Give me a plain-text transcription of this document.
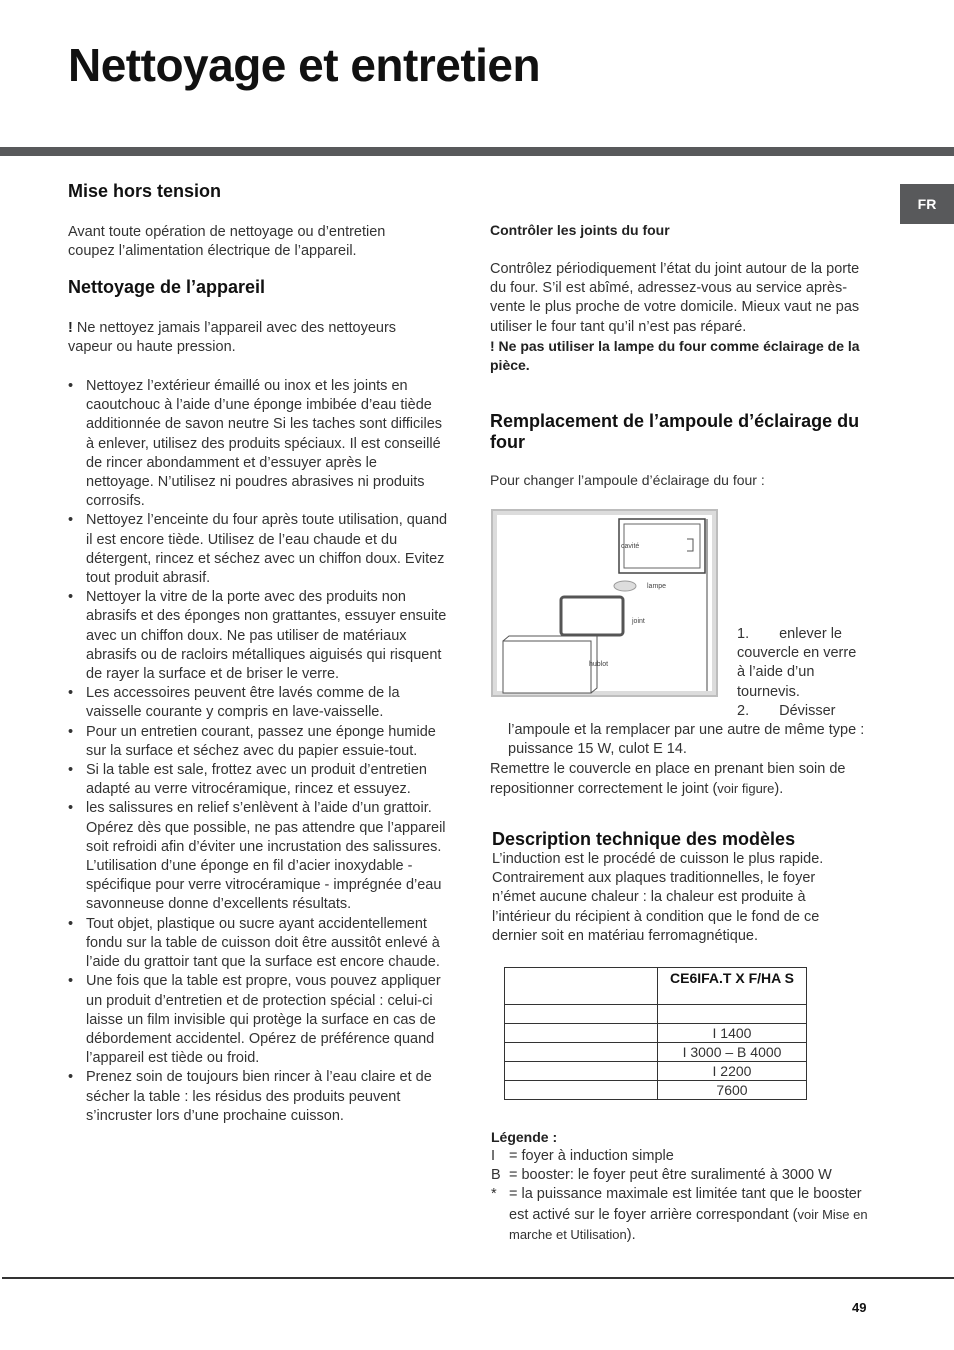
Nettoyage et entretien
FR
Mise hors tension
Avant toute opération de nettoyage ou d’entretien coupez l’alimentation électrique de l’appareil.
Nettoyage de l’appareil
! Ne nettoyez jamais l’appareil avec des nettoyeurs vapeur ou haute pression.
• Nettoyez l’extérieur émaillé ou inox et les joints en caoutchouc à l’aide d’une éponge imbibée d’eau tiède additionnée de savon neutre Si les taches sont difficiles à enlever, utilisez des produits spéciaux. Il est conseillé de rincer abondamment et d’essuyer après le nettoyage. N’utilisez ni poudres abrasives ni produits corrosifs.
• Nettoyez l’enceinte du four après toute utilisation, quand il est encore tiède. Utilisez de l’eau chaude et du détergent, rincez et séchez avec un chiffon doux. Evitez tout produit abrasif.
• Nettoyer la vitre de la porte avec des produits non abrasifs et des éponges non grattantes, essuyer ensuite avec un chiffon doux. Ne pas utiliser de matériaux abrasifs ou de racloirs métalliques aiguisés qui risquent de rayer la surface et de briser le verre.
• Les accessoires peuvent être lavés comme de la vaisselle courante y compris en lave-vaisselle.
• Pour un entretien courant, passez une éponge humide sur la surface et séchez avec du papier essuie-tout.
• Si la table est sale, frottez avec un produit d’entretien adapté au verre vitrocéramique, rincez et essuyez.
• les salissures en relief s’enlèvent à l’aide d’un grattoir. Opérez dès que possible, ne pas attendre que l’appareil soit refroidi afin d’éviter une incrustation des salissures. L’utilisation d’une éponge en fil d’acier inoxydable - spécifique pour verre vitrocéramique - imprégnée d’eau savonneuse donne d’excellents résultats.
• Tout objet, plastique ou sucre ayant accidentellement fondu sur la table de cuisson doit être aussitôt enlevé à l’aide du grattoir tant que la surface est encore chaude.
• Une fois que la table est propre, vous pouvez appliquer un produit d’entretien et de protection spécial : celui-ci laisse un film invisible qui protège la surface en cas de débordement accidentel. Opérez de préférence quand l’appareil est tiède ou froid.
• Prenez soin de toujours bien rincer à l’eau claire et de sécher la table : les résidus des produits peuvent s’incruster lors d’une prochaine cuisson.
Contrôler les joints du four
Contrôlez périodiquement l’état du joint autour de la porte du four. S’il est abîmé, adressez-vous au service après-vente le plus proche de votre domicile. Mieux vaut ne pas utiliser le four tant qu’il n’est pas réparé.
! Ne pas utiliser la lampe du four comme éclairage de la pièce.
Remplacement de l’ampoule d’éclairage du four
Pour changer l’ampoule d’éclairage du four :
cavité
lampe
joint
hublot
1. enlever le couvercle en verre à l’aide d’un tournevis.
2. Dévisser
l’ampoule et la remplacer par une autre de même type : puissance 15 W, culot E 14.
Remettre le couvercle en place en prenant bien soin de repositionner correctement le joint (voir figure).
Description technique des modèles
L’induction est le procédé de cuisson le plus rapide. Contrairement aux plaques traditionnelles, le foyer n’émet aucune chaleur : la chaleur est produite à l’intérieur du récipient à condition que le fond de ce dernier soit en matériau ferromagnétique.
	CE6IFA.T X F/HA S

	I 1400
	I 3000 – B 4000
	I 2200
	7600
Légende :
I = foyer à induction simple
B = booster: le foyer peut être suralimenté à 3000 W
* = la puissance maximale est limitée tant que le booster est activé sur le foyer arrière correspondant (voir Mise en marche et Utilisation).
49
